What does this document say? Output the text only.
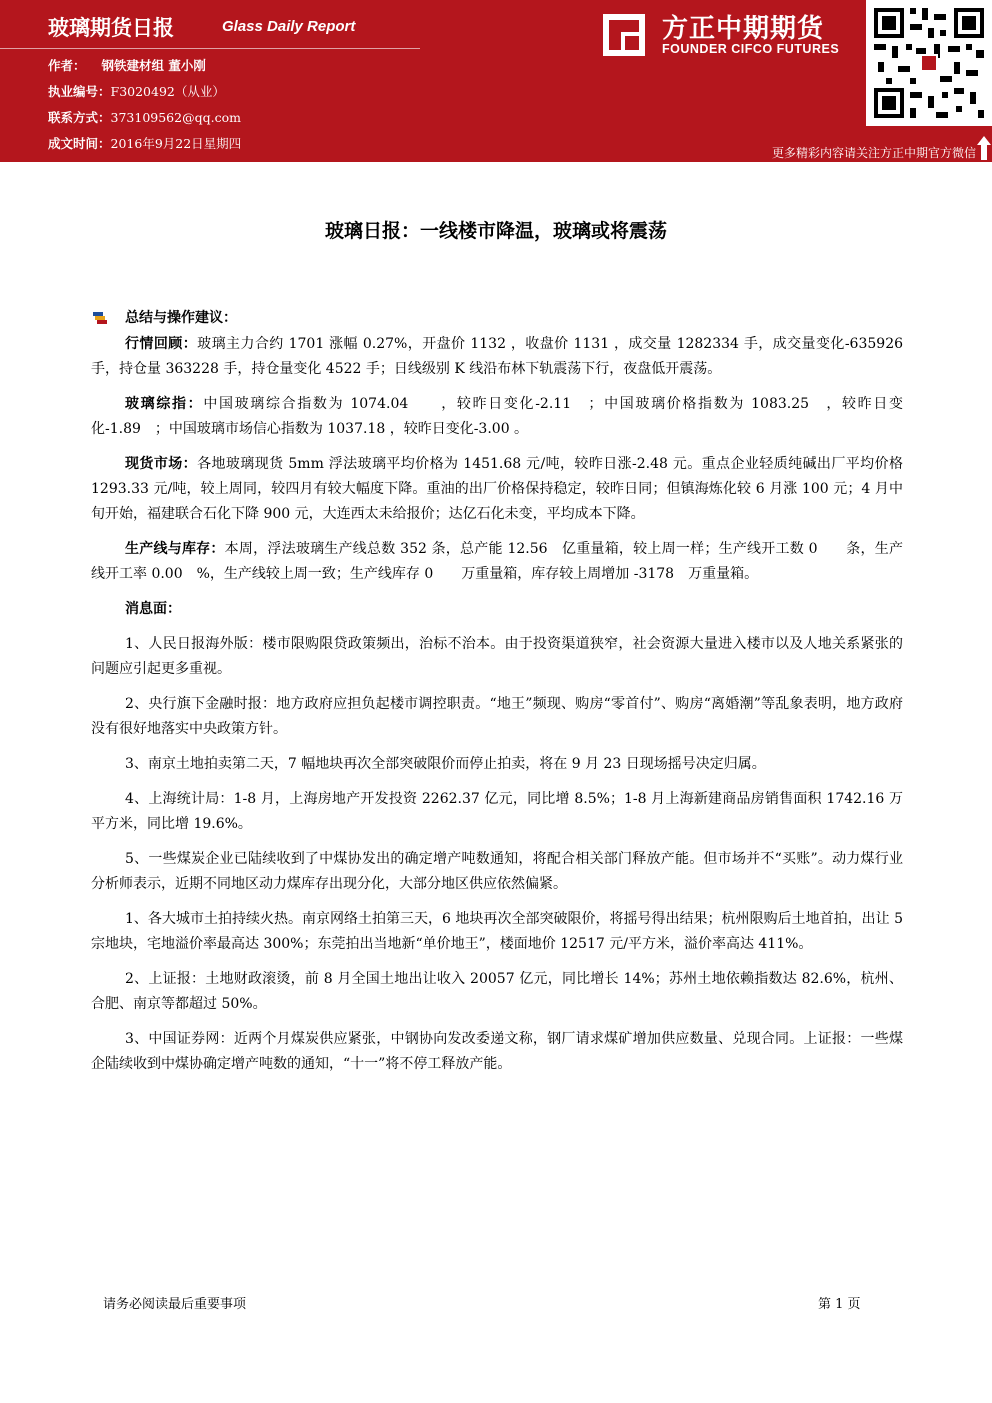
玻璃期货日报	Glass Daily Report
作者： 钢铁建材组 董小刚
执业编号：F3020492（从业）
联系方式：373109562@qq.com
成文时间：2016年9月22日星期四
方正中期期货
FOUNDER CIFCO FUTURES
更多精彩内容请关注方正中期官方微信
玻璃日报：一线楼市降温，玻璃或将震荡
总结与操作建议：

行情回顾：玻璃主力合约 1701 涨幅 0.27%，开盘价 1132 ，收盘价 1131 ，成交量 1282334 手，成交量变化-635926 手，持仓量 363228 手，持仓量变化 4522 手；日线级别 K 线沿布林下轨震荡下行，夜盘低开震荡。

玻璃综指：中国玻璃综合指数为 1074.04　　，较昨日变化-2.11　；中国玻璃价格指数为 1083.25　，较昨日变化-1.89　；中国玻璃市场信心指数为 1037.18 ，较昨日变化-3.00 。

现货市场：各地玻璃现货 5mm 浮法玻璃平均价格为 1451.68 元/吨，较昨日涨-2.48 元。重点企业轻质纯碱出厂平均价格 1293.33 元/吨，较上周同，较四月有较大幅度下降。重油的出厂价格保持稳定，较昨日同；但镇海炼化较 6 月涨 100 元；4 月中旬开始，福建联合石化下降 900 元，大连西太未给报价；达亿石化未变，平均成本下降。

生产线与库存：本周，浮法玻璃生产线总数 352 条，总产能 12.56　亿重量箱，较上周一样；生产线开工数 0　　条，生产线开工率 0.00　%，生产线较上周一致；生产线库存 0　　万重量箱，库存较上周增加 -3178　万重量箱。

消息面：

1、人民日报海外版：楼市限购限贷政策频出，治标不治本。由于投资渠道狭窄，社会资源大量进入楼市以及人地关系紧张的问题应引起更多重视。

2、央行旗下金融时报：地方政府应担负起楼市调控职责。“地王”频现、购房“零首付”、购房“离婚潮”等乱象表明，地方政府没有很好地落实中央政策方针。

3、南京土地拍卖第二天，7 幅地块再次全部突破限价而停止拍卖，将在 9 月 23 日现场摇号决定归属。

4、上海统计局：1-8 月，上海房地产开发投资 2262.37 亿元，同比增 8.5%；1-8 月上海新建商品房销售面积 1742.16 万平方米，同比增 19.6%。

5、一些煤炭企业已陆续收到了中煤协发出的确定增产吨数通知，将配合相关部门释放产能。但市场并不“买账”。动力煤行业分析师表示，近期不同地区动力煤库存出现分化，大部分地区供应依然偏紧。

1、各大城市土拍持续火热。南京网络土拍第三天，6 地块再次全部突破限价，将摇号得出结果；杭州限购后土地首拍，出让 5 宗地块，宅地溢价率最高达 300%；东莞拍出当地新“单价地王”，楼面地价 12517 元/平方米，溢价率高达 411%。

2、上证报：土地财政滚烫，前 8 月全国土地出让收入 20057 亿元，同比增长 14%；苏州土地依赖指数达 82.6%，杭州、合肥、南京等都超过 50%。

3、中国证券网：近两个月煤炭供应紧张，中钢协向发改委递文称，钢厂请求煤矿增加供应数量、兑现合同。上证报：一些煤企陆续收到中煤协确定增产吨数的通知，“十一”将不停工释放产能。

请务必阅读最后重要事项	第 1 页
